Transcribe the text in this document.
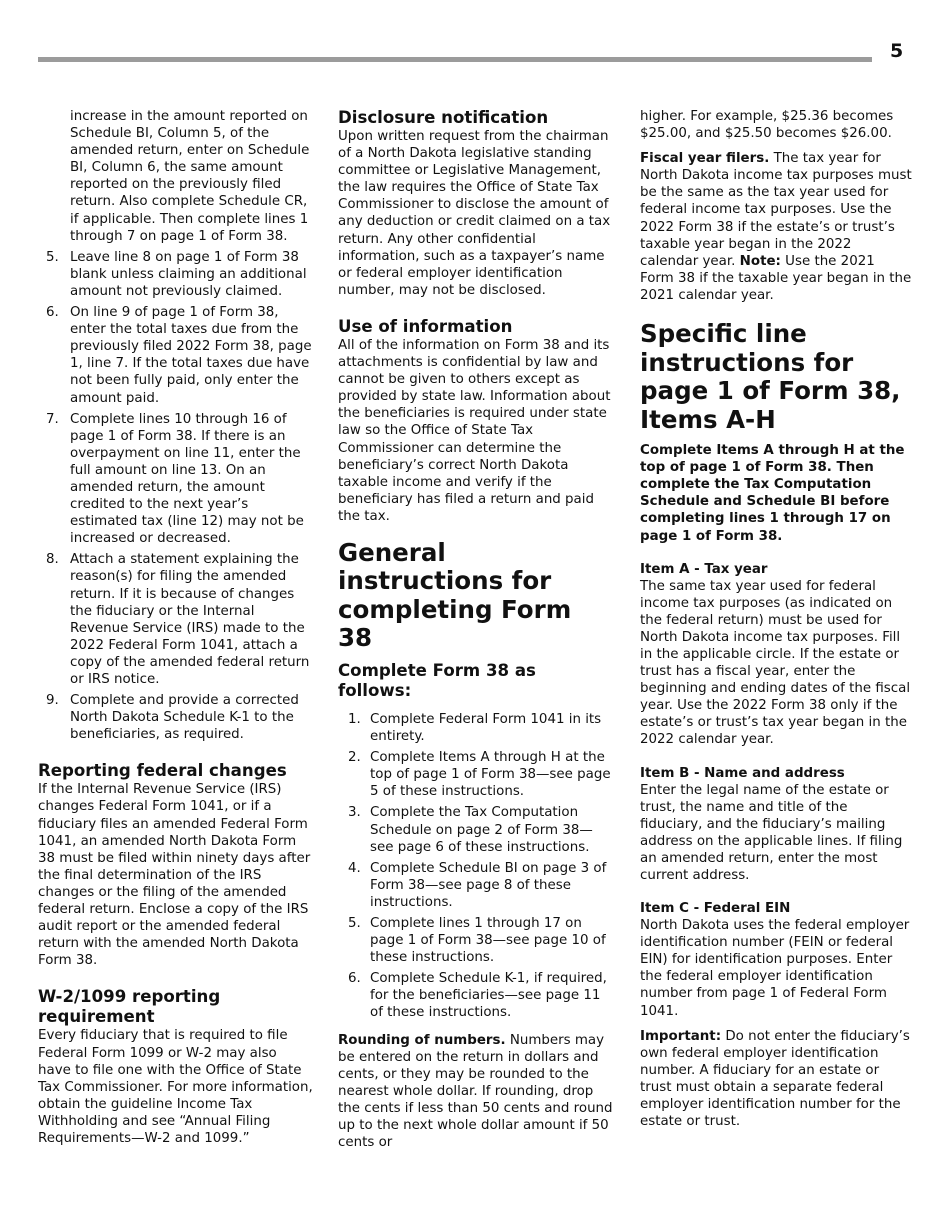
5

increase in the amount reported on Schedule BI, Column 5, of the amended return, enter on Schedule BI, Column 6, the same amount reported on the previously filed return. Also complete Schedule CR, if applicable. Then complete lines 1 through 7 on page 1 of Form 38.

5. Leave line 8 on page 1 of Form 38 blank unless claiming an additional amount not previously claimed.
6. On line 9 of page 1 of Form 38, enter the total taxes due from the previously filed 2022 Form 38, page 1, line 7. If the total taxes due have not been fully paid, only enter the amount paid.
7. Complete lines 10 through 16 of page 1 of Form 38. If there is an overpayment on line 11, enter the full amount on line 13. On an amended return, the amount credited to the next year’s estimated tax (line 12) may not be increased or decreased.
8. Attach a statement explaining the reason(s) for filing the amended return. If it is because of changes the fiduciary or the Internal Revenue Service (IRS) made to the 2022 Federal Form 1041, attach a copy of the amended federal return or IRS notice.
9. Complete and provide a corrected North Dakota Schedule K-1 to the beneficiaries, as required.
Reporting federal changes

If the Internal Revenue Service (IRS) changes Federal Form 1041, or if a fiduciary files an amended Federal Form 1041, an amended North Dakota Form 38 must be filed within ninety days after the final determination of the IRS changes or the filing of the amended federal return. Enclose a copy of the IRS audit report or the amended federal return with the amended North Dakota Form 38.

W-2/1099 reporting requirement

Every fiduciary that is required to file Federal Form 1099 or W-2 may also have to file one with the Office of State Tax Commissioner. For more information, obtain the guideline Income Tax Withholding and see “Annual Filing Requirements—W-2 and 1099.”

Disclosure notification

Upon written request from the chairman of a North Dakota legislative standing committee or Legislative Management, the law requires the Office of State Tax Commissioner to disclose the amount of any deduction or credit claimed on a tax return. Any other confidential information, such as a taxpayer’s name or federal employer identification number, may not be disclosed.

Use of information

All of the information on Form 38 and its attachments is confidential by law and cannot be given to others except as provided by state law. Information about the beneficiaries is required under state law so the Office of State Tax Commissioner can determine the beneficiary’s correct North Dakota taxable income and verify if the beneficiary has filed a return and paid the tax.

General instructions for completing Form 38
Complete Form 38 as follows:
1. Complete Federal Form 1041 in its entirety.
2. Complete Items A through H at the top of page 1 of Form 38—see page 5 of these instructions.
3. Complete the Tax Computation Schedule on page 2 of Form 38—see page 6 of these instructions.
4. Complete Schedule BI on page 3 of Form 38—see page 8 of these instructions.
5. Complete lines 1 through 17 on page 1 of Form 38—see page 10 of these instructions.
6. Complete Schedule K-1, if required, for the beneficiaries—see page 11 of these instructions.

Rounding of numbers. Numbers may be entered on the return in dollars and cents, or they may be rounded to the nearest whole dollar. If rounding, drop the cents if less than 50 cents and round up to the next whole dollar amount if 50 cents or

higher. For example, $25.36 becomes $25.00, and $25.50 becomes $26.00.

Fiscal year filers. The tax year for North Dakota income tax purposes must be the same as the tax year used for federal income tax purposes. Use the 2022 Form 38 if the estate’s or trust’s taxable year began in the 2022 calendar year. Note: Use the 2021 Form 38 if the taxable year began in the 2021 calendar year.

Specific line instructions for page 1 of Form 38, Items A-H

Complete Items A through H at the top of page 1 of Form 38. Then complete the Tax Computation Schedule and Schedule BI before completing lines 1 through 17 on page 1 of Form 38.

Item A - Tax year

The same tax year used for federal income tax purposes (as indicated on the federal return) must be used for North Dakota income tax purposes. Fill in the applicable circle. If the estate or trust has a fiscal year, enter the beginning and ending dates of the fiscal year. Use the 2022 Form 38 only if the estate’s or trust’s tax year began in the 2022 calendar year.

Item B - Name and address

Enter the legal name of the estate or trust, the name and title of the fiduciary, and the fiduciary’s mailing address on the applicable lines. If filing an amended return, enter the most current address.

Item C - Federal EIN

North Dakota uses the federal employer identification number (FEIN or federal EIN) for identification purposes. Enter the federal employer identification number from page 1 of Federal Form 1041.

Important: Do not enter the fiduciary’s own federal employer identification number. A fiduciary for an estate or trust must obtain a separate federal employer identification number for the estate or trust.
